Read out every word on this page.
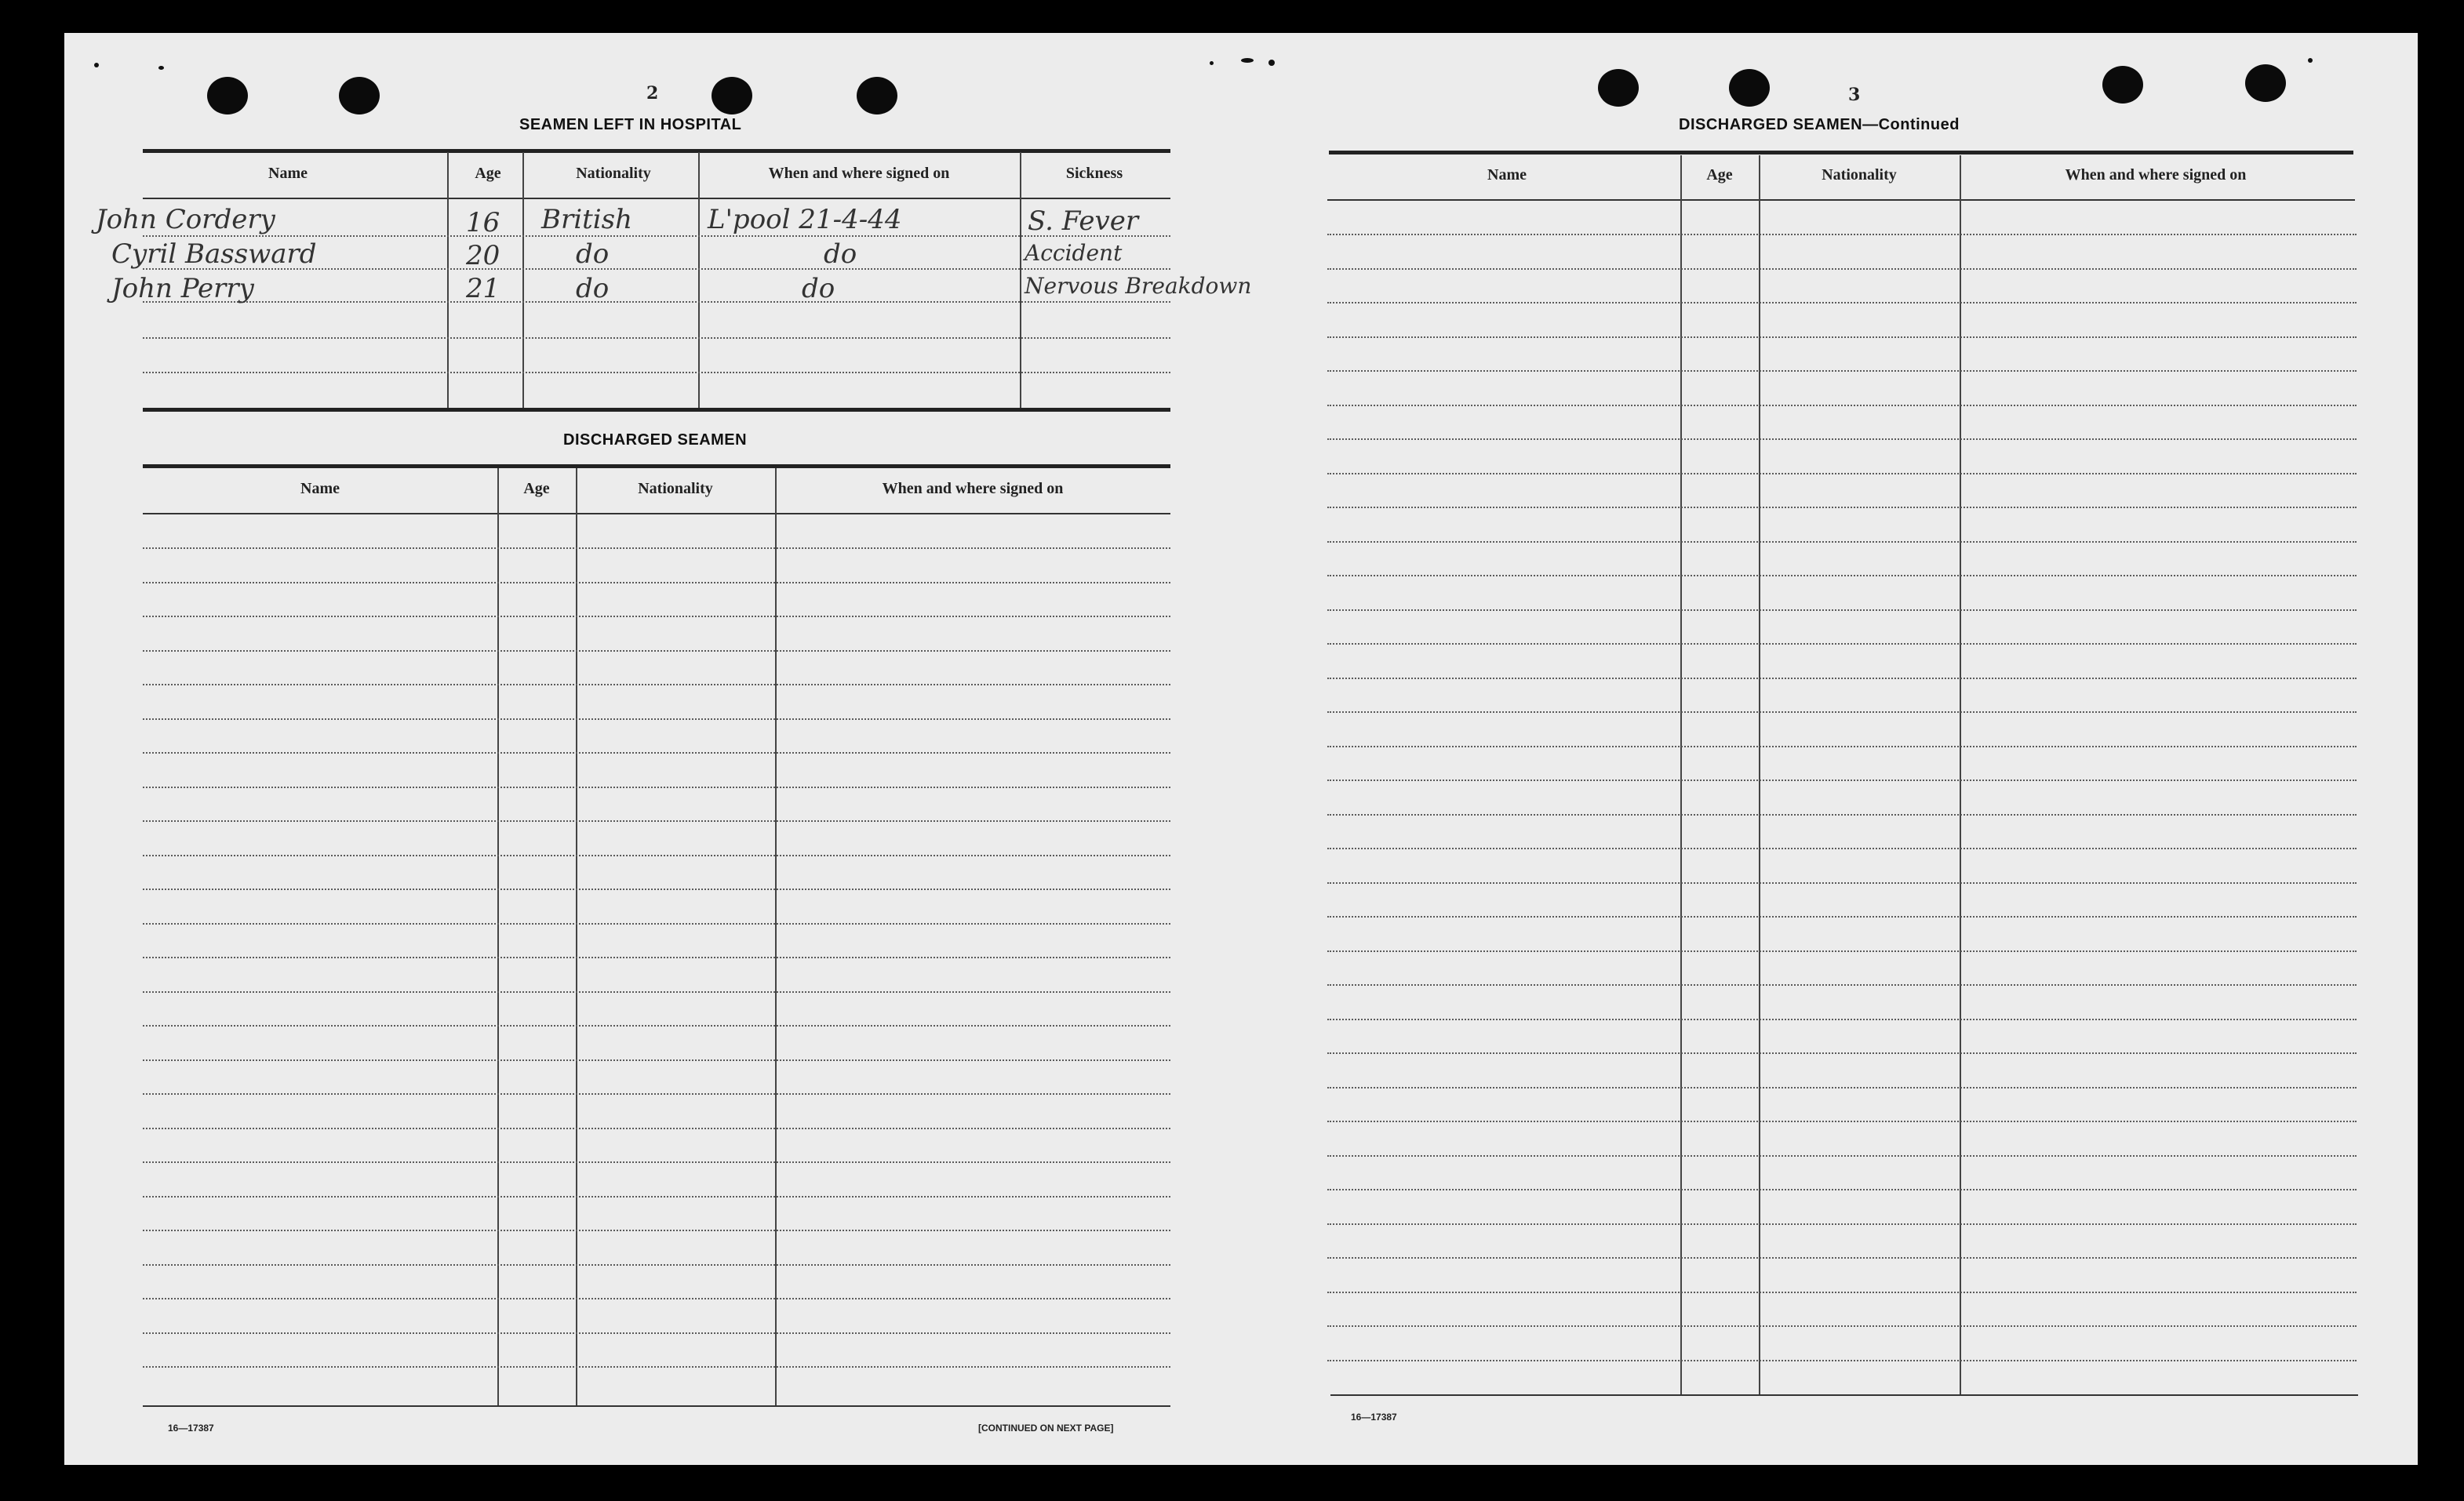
2
SEAMEN LEFT IN HOSPITAL
Name	Age	Nationality	When and where signed on	Sickness
John Cordery	16 British	L'pool 21-4-44	S. Fever
Cyril Bassward	20	do	do	Accident
John Perry	21	do	do	Nervous Breakdown
DISCHARGED SEAMEN
Name	Age	Nationality	When and where signed on
16—17387	[CONTINUED ON NEXT PAGE]
3
DISCHARGED SEAMEN—Continued
Name	Age	Nationality	When and where signed on
16—17387
